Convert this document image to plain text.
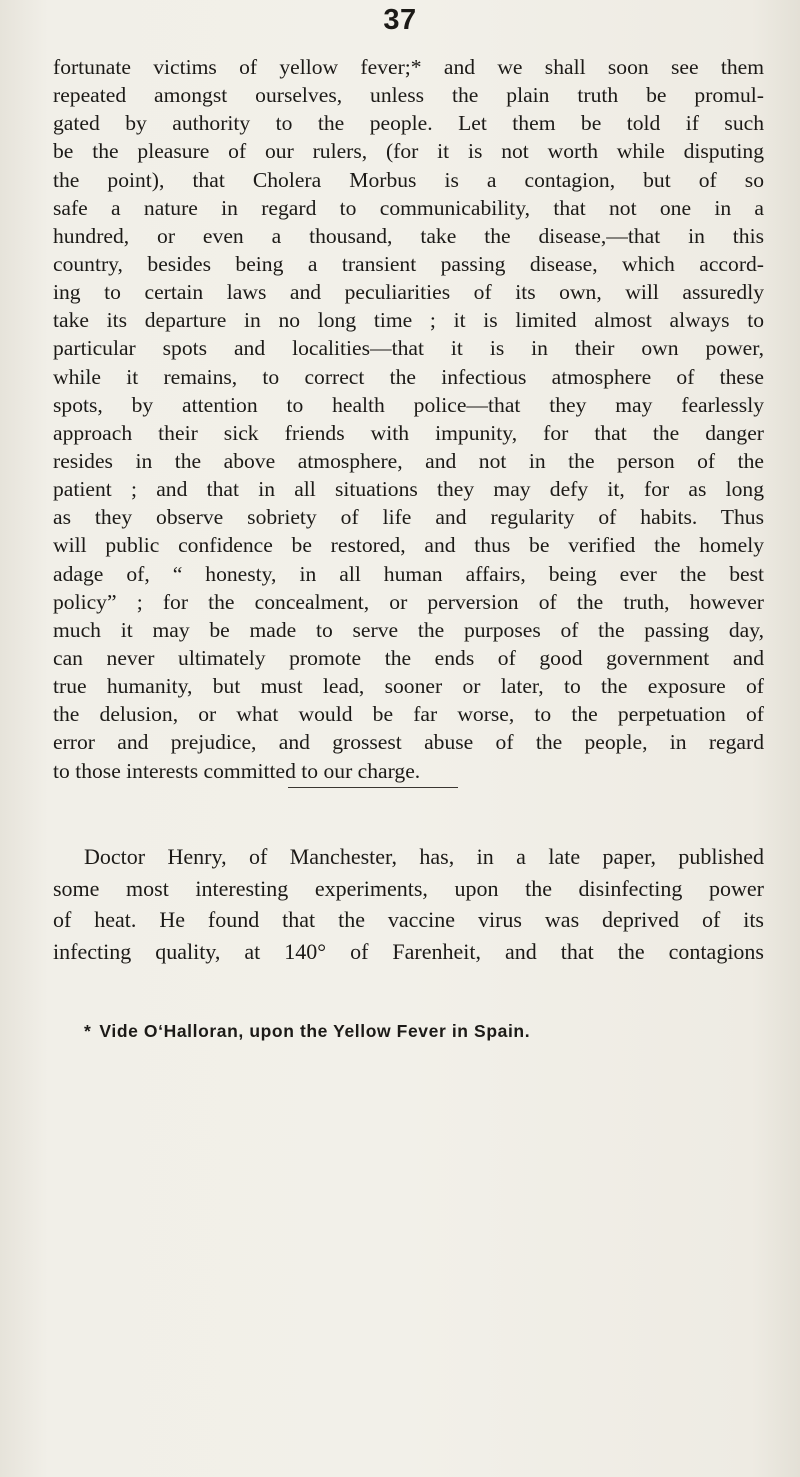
37
fortunate victims of yellow fever;* and we shall soon see them
repeated amongst ourselves, unless the plain truth be promul-
gated by authority to the people. Let them be told if such
be the pleasure of our rulers, (for it is not worth while disputing
the point), that Cholera Morbus is a contagion, but of so
safe a nature in regard to communicability, that not one in a
hundred, or even a thousand, take the disease,—that in this
country, besides being a transient passing disease, which accord-
ing to certain laws and peculiarities of its own, will assuredly
take its departure in no long time ; it is limited almost always to
particular spots and localities—that it is in their own power,
while it remains, to correct the infectious atmosphere of these
spots, by attention to health police—that they may fearlessly
approach their sick friends with impunity, for that the danger
resides in the above atmosphere, and not in the person of the
patient ; and that in all situations they may defy it, for as long
as they observe sobriety of life and regularity of habits. Thus
will public confidence be restored, and thus be verified the homely
adage of, “ honesty, in all human affairs, being ever the best
policy” ; for the concealment, or perversion of the truth, however
much it may be made to serve the purposes of the passing day,
can never ultimately promote the ends of good government and
true humanity, but must lead, sooner or later, to the exposure of
the delusion, or what would be far worse, to the perpetuation of
error and prejudice, and grossest abuse of the people, in regard
to those interests committed to our charge.
Doctor Henry, of Manchester, has, in a late paper, published
some most interesting experiments, upon the disinfecting power
of heat. He found that the vaccine virus was deprived of its
infecting quality, at 140° of Farenheit, and that the contagions
* Vide O‘Halloran, upon the Yellow Fever in Spain.
